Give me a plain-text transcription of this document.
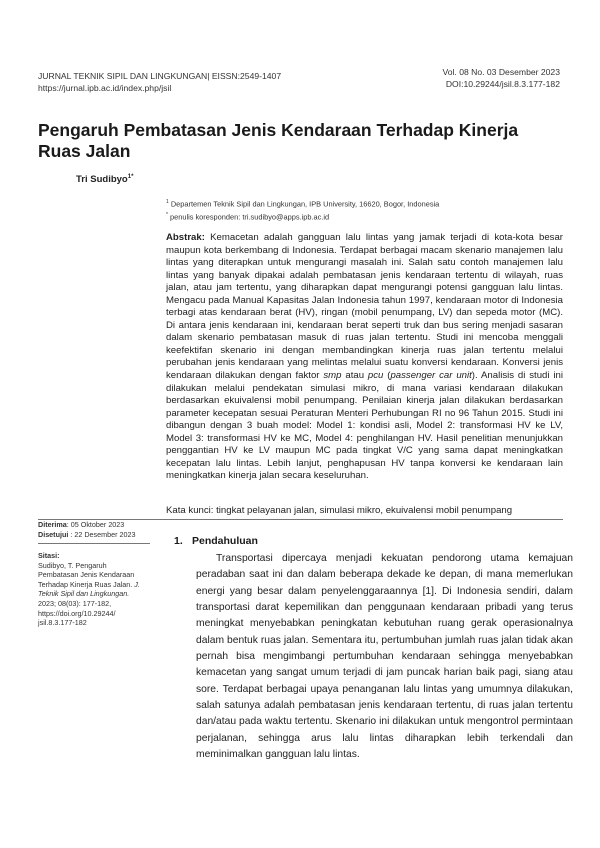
JURNAL TEKNIK SIPIL DAN LINGKUNGAN| EISSN:2549-1407
https://jurnal.ipb.ac.id/index.php/jsil
Vol. 08 No. 03 Desember 2023
DOI:10.29244/jsil.8.3.177-182
Pengaruh Pembatasan Jenis Kendaraan Terhadap Kinerja Ruas Jalan
Tri Sudibyo$^{1*}$
$^1$ Departemen Teknik Sipil dan Lingkungan, IPB University, 16620, Bogor, Indonesia
* penulis koresponden: tri.sudibyo@apps.ipb.ac.id

Abstrak: Kemacetan adalah gangguan lalu lintas yang jamak terjadi di kota-kota besar maupun kota berkembang di Indonesia. Terdapat berbagai macam skenario manajemen lalu lintas yang diterapkan untuk mengurangi masalah ini. Salah satu contoh manajemen lalu lintas yang banyak dipakai adalah pembatasan jenis kendaraan tertentu di wilayah, ruas jalan, atau jam tertentu, yang diharapkan dapat mengurangi potensi gangguan lalu lintas. Mengacu pada Manual Kapasitas Jalan Indonesia tahun 1997, kendaraan motor di Indonesia terbagi atas kendaraan berat (HV), ringan (mobil penumpang, LV) dan sepeda motor (MC). Di antara jenis kendaraan ini, kendaraan berat seperti truk dan bus sering menjadi sasaran dalam skenario pembatasan masuk di ruas jalan tertentu. Studi ini mencoba menggali keefektifan skenario ini dengan membandingkan kinerja ruas jalan tertentu melalui perubahan jenis kendaraan yang melintas melalui suatu konversi kendaraan. Konversi jenis kendaraan dilakukan dengan faktor smp atau pcu (passenger car unit). Analisis di studi ini dilakukan melalui pendekatan simulasi mikro, di mana variasi kendaraan dilakukan berdasarkan ekuivalensi mobil penumpang. Penilaian kinerja jalan dilakukan berdasarkan parameter kecepatan sesuai Peraturan Menteri Perhubungan RI no 96 Tahun 2015. Studi ini dibangun dengan 3 buah model: Model 1: kondisi asli, Model 2: transformasi HV ke LV, Model 3: transformasi HV ke MC, Model 4: penghilangan HV. Hasil penelitian menunjukkan penggantian HV ke LV maupun MC pada tingkat V/C yang sama dapat meningkatkan kecepatan lalu lintas. Lebih lanjut, penghapusan HV tanpa konversi ke kendaraan lain meningkatkan kinerja jalan secara keseluruhan.

Kata kunci: tingkat pelayanan jalan, simulasi mikro, ekuivalensi mobil penumpang
Diterima: 05 Oktober 2023
Disetujui : 22 Desember 2023
Sitasi:
Sudibyo, T. Pengaruh Pembatasan Jenis Kendaraan Terhadap Kinerja Ruas Jalan. J. Teknik Sipil dan Lingkungan. 2023; 08(03): 177-182, https://doi.org/10.29244/ jsil.8.3.177-182
1. Pendahuluan

Transportasi dipercaya menjadi kekuatan pendorong utama kemajuan peradaban saat ini dan dalam beberapa dekade ke depan, di mana memerlukan energi yang besar dalam penyelenggaraannya [1]. Di Indonesia sendiri, dalam transportasi darat kepemilikan dan penggunaan kendaraan pribadi yang terus meningkat menyebabkan peningkatan kebutuhan ruang gerak operasionalnya dalam bentuk ruas jalan. Sementara itu, pertumbuhan jumlah ruas jalan tidak akan pernah bisa mengimbangi pertumbuhan kendaraan sehingga menyebabkan kemacetan yang sangat umum terjadi di jam puncak harian baik pagi, siang atau sore. Terdapat berbagai upaya penanganan lalu lintas yang umumnya dilakukan, salah satunya adalah pembatasan jenis kendaraan tertentu, di ruas jalan tertentu dan/atau pada waktu tertentu. Skenario ini dilakukan untuk mengontrol permintaan perjalanan, sehingga arus lalu lintas diharapkan lebih terkendali dan meminimalkan gangguan lalu lintas.
